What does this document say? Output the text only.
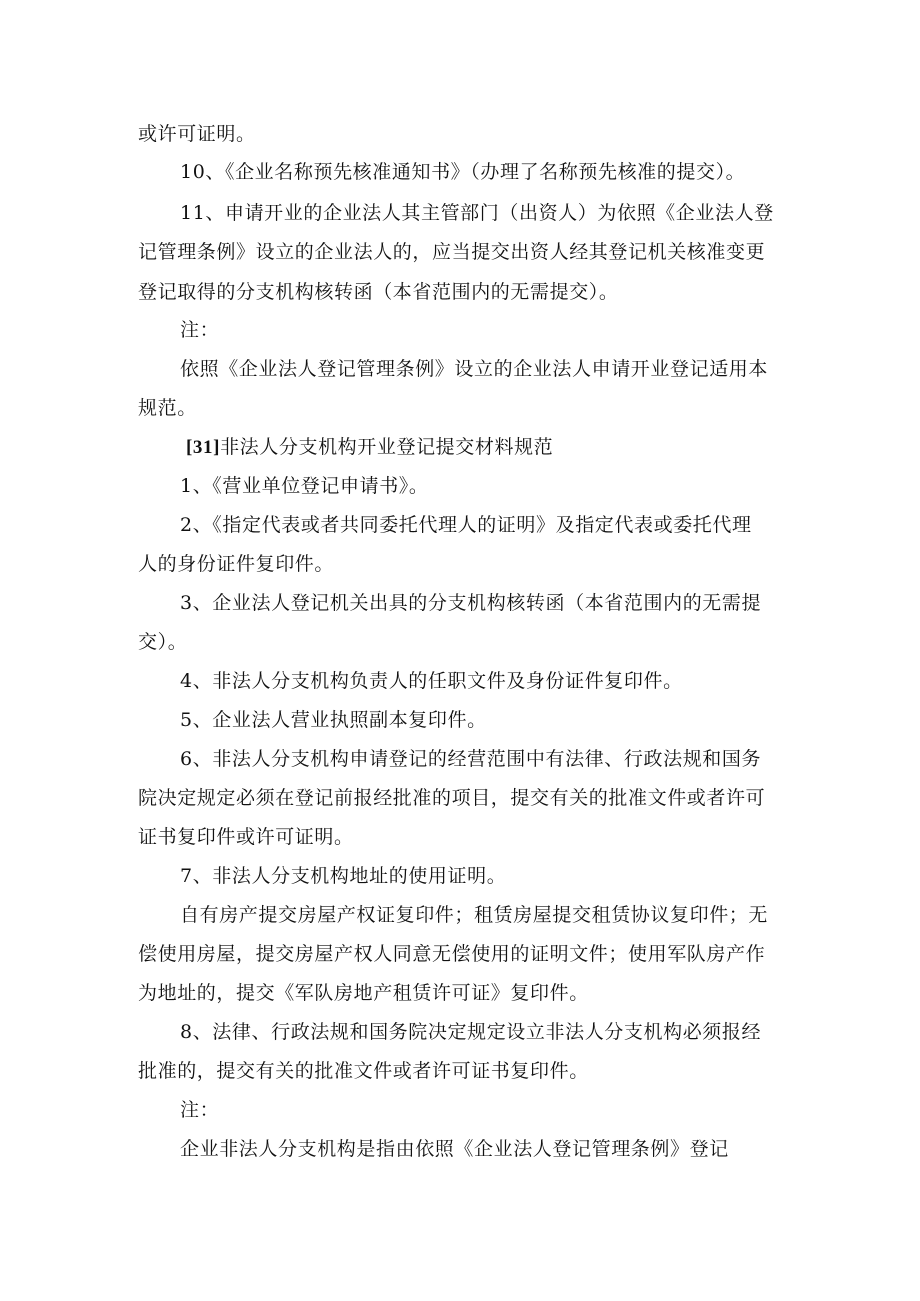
或许可证明。
10、《企业名称预先核准通知书》（办理了名称预先核准的提交）。
11、申请开业的企业法人其主管部门（出资人）为依照《企业法人登
记管理条例》设立的企业法人的，应当提交出资人经其登记机关核准变更
登记取得的分支机构核转函（本省范围内的无需提交）。
注：
依照《企业法人登记管理条例》设立的企业法人申请开业登记适用本
规范。
[31]非法人分支机构开业登记提交材料规范
1、《营业单位登记申请书》。
2、《指定代表或者共同委托代理人的证明》及指定代表或委托代理
人的身份证件复印件。
3、企业法人登记机关出具的分支机构核转函（本省范围内的无需提
交）。
4、非法人分支机构负责人的任职文件及身份证件复印件。
5、企业法人营业执照副本复印件。
6、非法人分支机构申请登记的经营范围中有法律、行政法规和国务
院决定规定必须在登记前报经批准的项目，提交有关的批准文件或者许可
证书复印件或许可证明。
7、非法人分支机构地址的使用证明。
自有房产提交房屋产权证复印件；租赁房屋提交租赁协议复印件；无
偿使用房屋，提交房屋产权人同意无偿使用的证明文件；使用军队房产作
为地址的，提交《军队房地产租赁许可证》复印件。
8、法律、行政法规和国务院决定规定设立非法人分支机构必须报经
批准的，提交有关的批准文件或者许可证书复印件。
注：
企业非法人分支机构是指由依照《企业法人登记管理条例》登记
